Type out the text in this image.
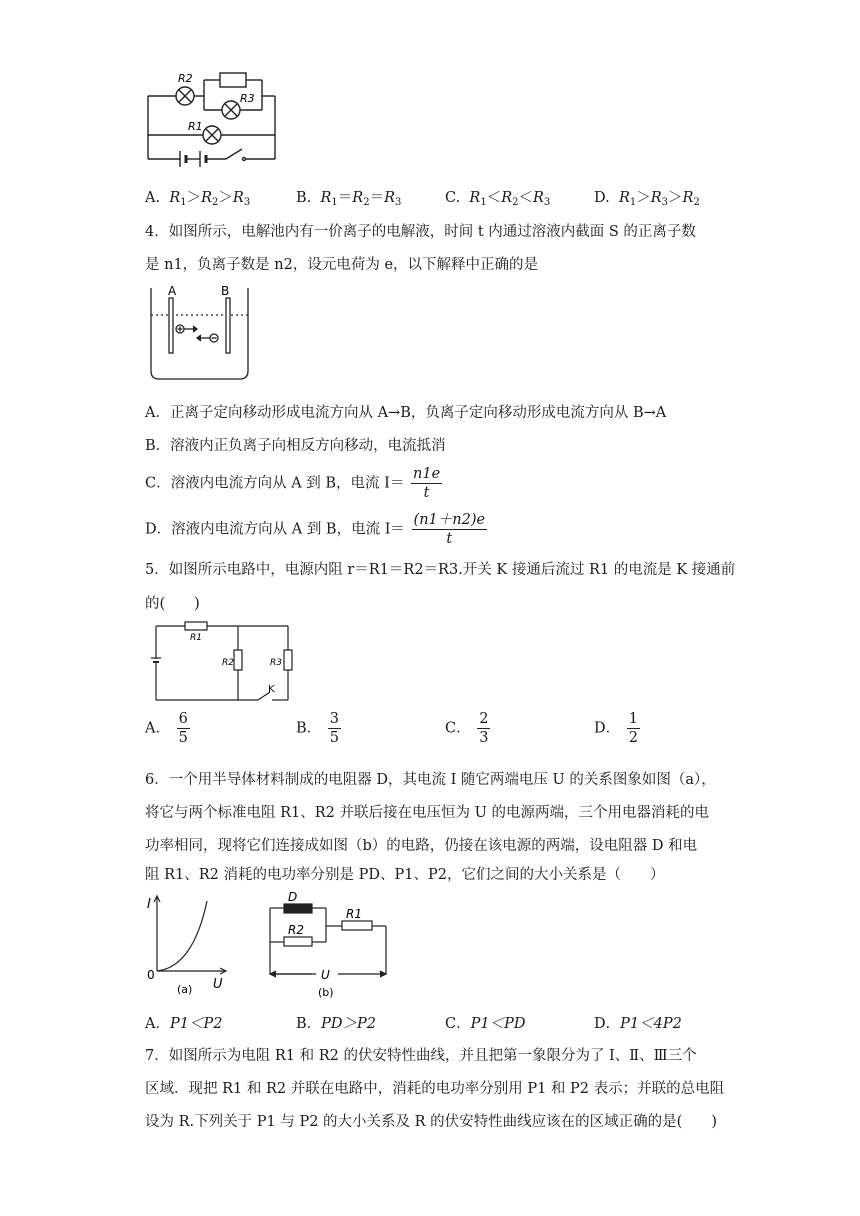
R2
R3
R1
A. $R_1>R_2>R_3$	B. $R_1=R_2=R_3$	C. $R_1<R_2<R_3$	D. $R_1>R_3>R_2$
4．如图所示，电解池内有一价离子的电解液，时间 t 内通过溶液内截面 S 的正离子数
是 n1，负离子数是 n2，设元电荷为 e，以下解释中正确的是
A	B
A．正离子定向移动形成电流方向从 A→B，负离子定向移动形成电流方向从 B→A
B．溶液内正负离子向相反方向移动，电流抵消
C．溶液内电流方向从 A 到 B，电流 $I= \frac{n1e}{t}$
D．溶液内电流方向从 A 到 B，电流 $I= \frac{(n1+n2)e}{t}$
5．如图所示电路中，电源内阻 r＝R1＝R2＝R3.开关 K 接通后流过 R1 的电流是 K 接通前
的(　　)
R1
R2	R3
K
A． $\frac{6}{5}$	B． $\frac{3}{5}$	C． $\frac{2}{3}$	D． $\frac{1}{2}$
6．一个用半导体材料制成的电阻器 D，其电流 I 随它两端电压 U 的关系图象如图（a），
将它与两个标准电阻 R1、R2 并联后接在电压恒为 U 的电源两端，三个用电器消耗的电
功率相同，现将它们连接成如图（b）的电路，仍接在该电源的两端，设电阻器 D 和电
阻 R1、R2 消耗的电功率分别是 PD、P1、P2，它们之间的大小关系是（　　）
I
0
U
(a)
D
R1
R2
U
(b)
A．P1＜P2	B．PD＞P2	C．P1＜PD	D．P1＜4P2
7．如图所示为电阻 R1 和 R2 的伏安特性曲线，并且把第一象限分为了 Ⅰ、Ⅱ、Ⅲ三个
区域．现把 R1 和 R2 并联在电路中，消耗的电功率分别用 P1 和 P2 表示；并联的总电阻
设为 R.下列关于 P1 与 P2 的大小关系及 R 的伏安特性曲线应该在的区域正确的是(　　)
